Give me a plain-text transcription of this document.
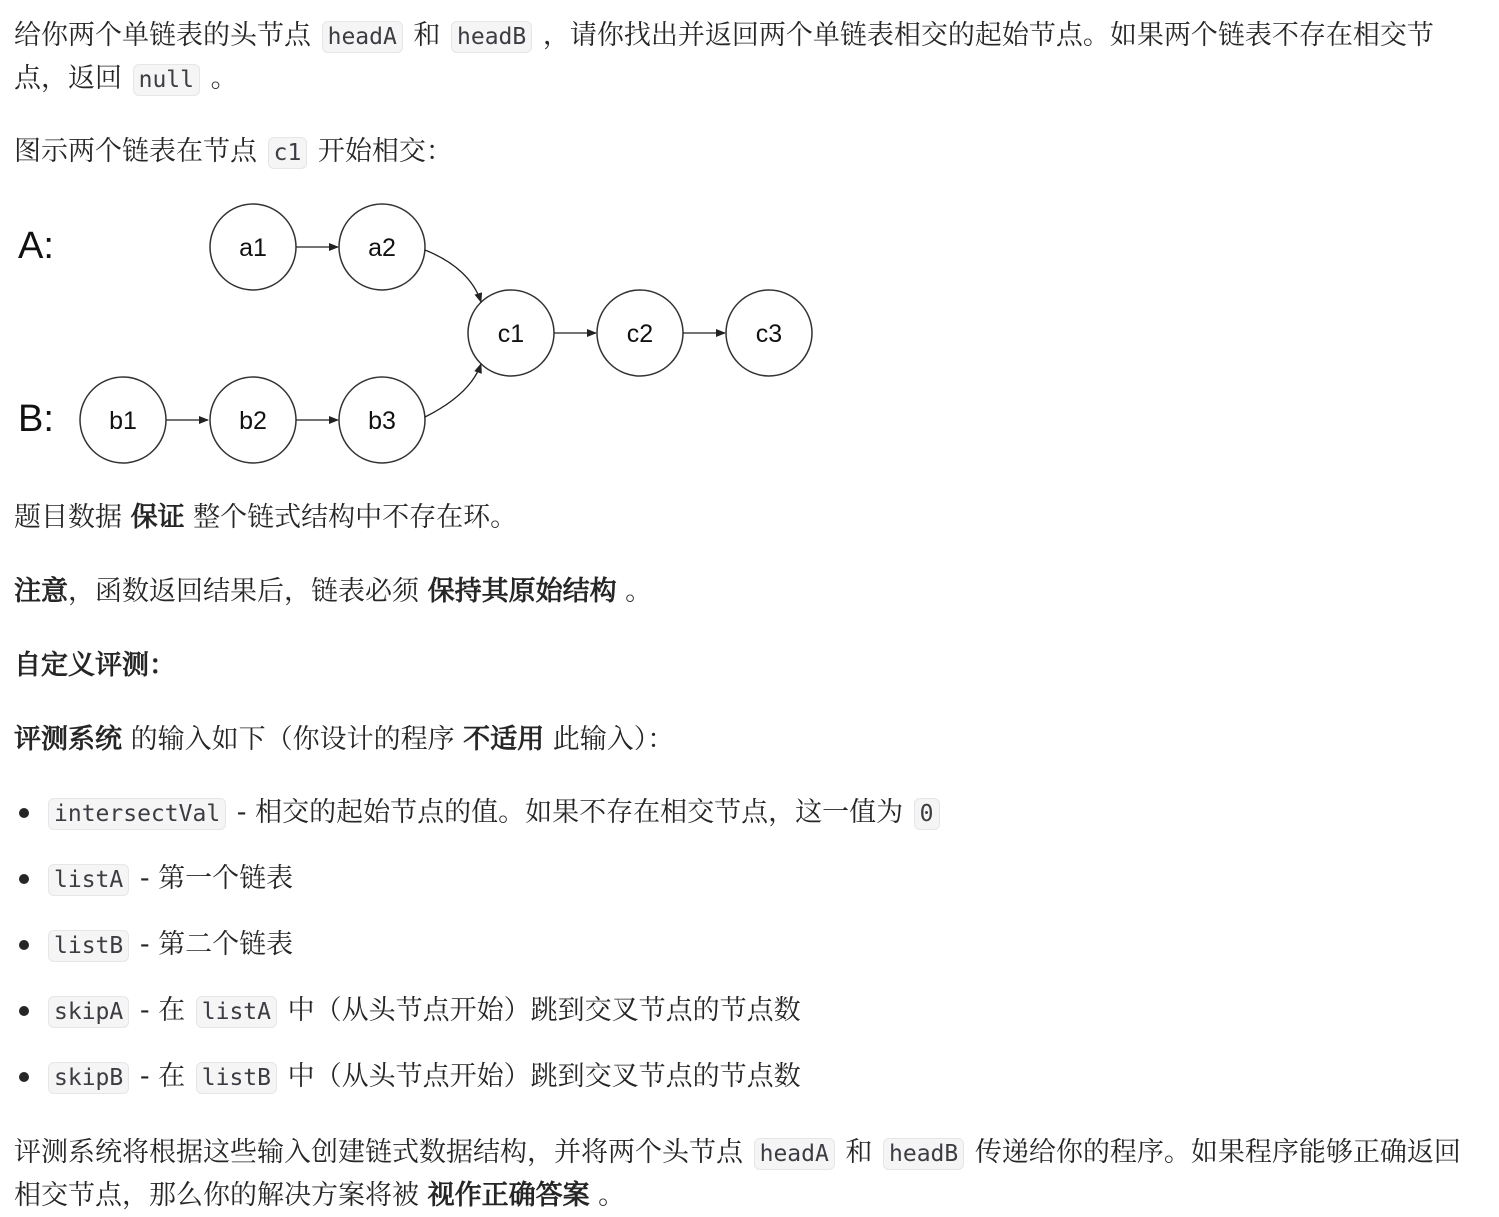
给你两个单链表的头节点 headA 和 headB ，请你找出并返回两个单链表相交的起始节点。如果两个链表不存在相交节点，返回 null 。

图示两个链表在节点 c1 开始相交：

A:
B:
a1	a2
c1	c2	c3
b1	b2	b3

题目数据 保证 整个链式结构中不存在环。

注意，函数返回结果后，链表必须 保持其原始结构 。

自定义评测：

评测系统 的输入如下（你设计的程序 不适用 此输入）：

intersectVal - 相交的起始节点的值。如果不存在相交节点，这一值为 0
listA - 第一个链表
listB - 第二个链表
skipA - 在 listA 中（从头节点开始）跳到交叉节点的节点数
skipB - 在 listB 中（从头节点开始）跳到交叉节点的节点数

评测系统将根据这些输入创建链式数据结构，并将两个头节点 headA 和 headB 传递给你的程序。如果程序能够正确返回相交节点，那么你的解决方案将被 视作正确答案 。
